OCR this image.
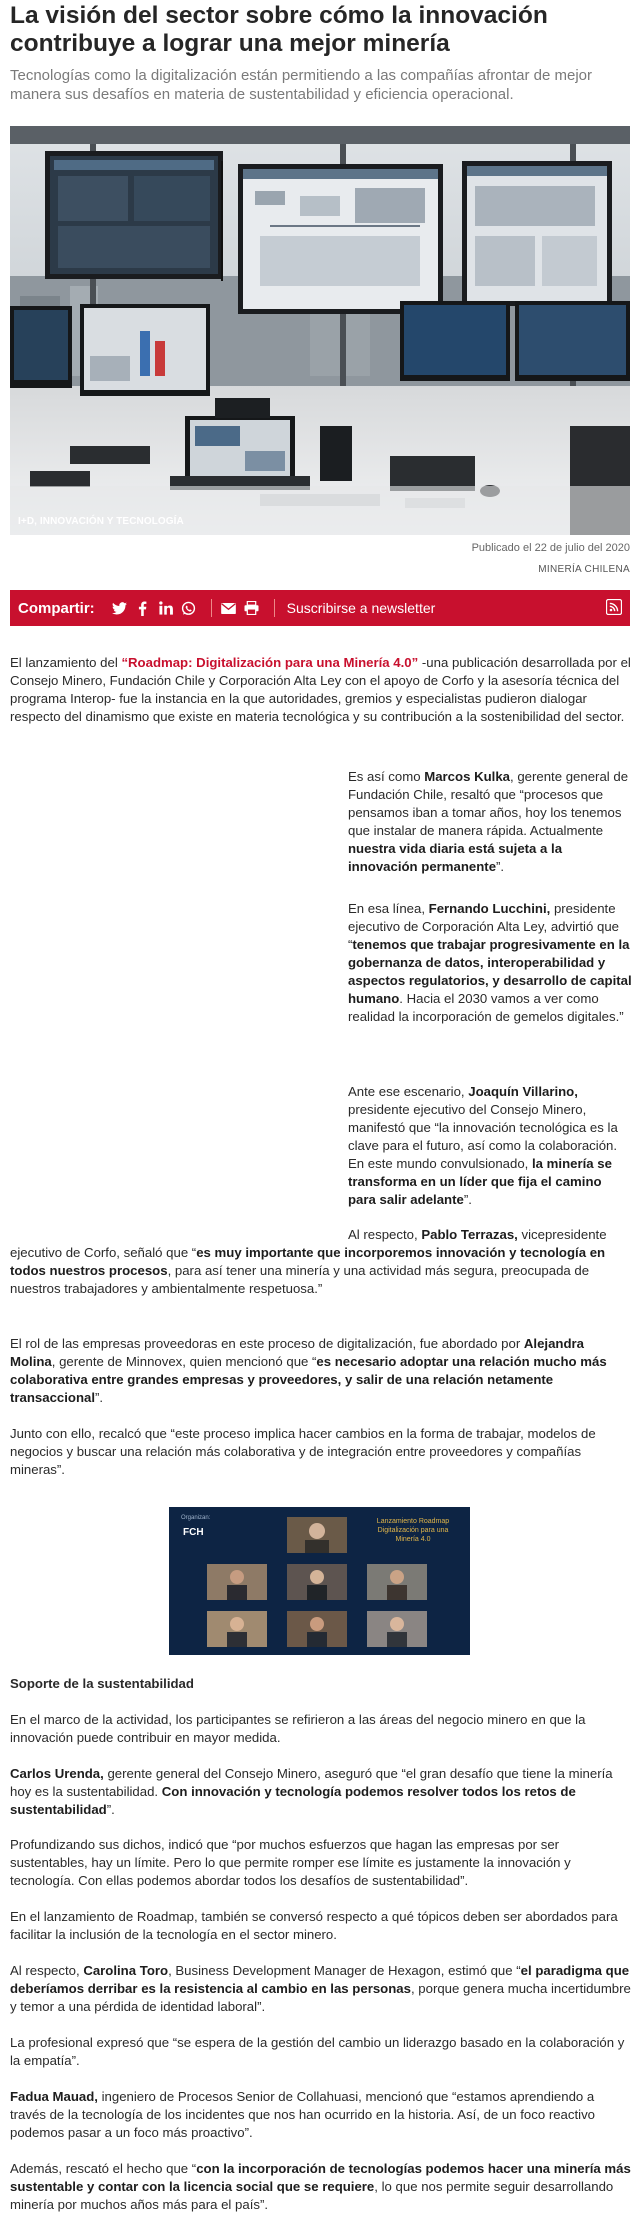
La visión del sector sobre cómo la innovación contribuye a lograr una mejor minería
Tecnologías como la digitalización están permitiendo a las compañías afrontar de mejor manera sus desafíos en materia de sustentabilidad y eficiencia operacional.
I+D, INNOVACIÓN Y TECNOLOGÍA
Publicado el 22 de julio del 2020
MINERÍA CHILENA
Compartir:	Suscribirse a newsletter

El lanzamiento del “Roadmap: Digitalización para una Minería 4.0” -una publicación desarrollada por el Consejo Minero, Fundación Chile y Corporación Alta Ley con el apoyo de Corfo y la asesoría técnica del programa Interop- fue la instancia en la que autoridades, gremios y especialistas pudieron dialogar respecto del dinamismo que existe en materia tecnológica y su contribución a la sostenibilidad del sector.

Es así como Marcos Kulka, gerente general de Fundación Chile, resaltó que “procesos que pensamos iban a tomar años, hoy los tenemos que instalar de manera rápida. Actualmente nuestra vida diaria está sujeta a la innovación permanente”.

En esa línea, Fernando Lucchini, presidente ejecutivo de Corporación Alta Ley, advirtió que “tenemos que trabajar progresivamente en la gobernanza de datos, interoperabilidad y aspectos regulatorios, y desarrollo de capital humano. Hacia el 2030 vamos a ver como realidad la incorporación de gemelos digitales.”

Ante ese escenario, Joaquín Villarino, presidente ejecutivo del Consejo Minero, manifestó que “la innovación tecnológica es la clave para el futuro, así como la colaboración. En este mundo convulsionado, la minería se transforma en un líder que fija el camino para salir adelante”.

Al respecto, Pablo Terrazas, vicepresidente ejecutivo de Corfo, señaló que “es muy importante que incorporemos innovación y tecnología en todos nuestros procesos, para así tener una minería y una actividad más segura, preocupada de nuestros trabajadores y ambientalmente respetuosa.”

El rol de las empresas proveedoras en este proceso de digitalización, fue abordado por Alejandra Molina, gerente de Minnovex, quien mencionó que “es necesario adoptar una relación mucho más colaborativa entre grandes empresas y proveedores, y salir de una relación netamente transaccional”.

Junto con ello, recalcó que “este proceso implica hacer cambios en la forma de trabajar, modelos de negocios y buscar una relación más colaborativa y de integración entre proveedores y compañías mineras”.

Organizan:
FCH
Lanzamiento Roadmap Digitalización para una Minería 4.0

Soporte de la sustentabilidad

En el marco de la actividad, los participantes se refirieron a las áreas del negocio minero en que la innovación puede contribuir en mayor medida.

Carlos Urenda, gerente general del Consejo Minero, aseguró que “el gran desafío que tiene la minería hoy es la sustentabilidad. Con innovación y tecnología podemos resolver todos los retos de sustentabilidad”.

Profundizando sus dichos, indicó que “por muchos esfuerzos que hagan las empresas por ser sustentables, hay un límite. Pero lo que permite romper ese límite es justamente la innovación y tecnología. Con ellas podemos abordar todos los desafíos de sustentabilidad”.

En el lanzamiento de Roadmap, también se conversó respecto a qué tópicos deben ser abordados para facilitar la inclusión de la tecnología en el sector minero.

Al respecto, Carolina Toro, Business Development Manager de Hexagon, estimó que “el paradigma que deberíamos derribar es la resistencia al cambio en las personas, porque genera mucha incertidumbre y temor a una pérdida de identidad laboral”.

La profesional expresó que “se espera de la gestión del cambio un liderazgo basado en la colaboración y la empatía”.

Fadua Mauad, ingeniero de Procesos Senior de Collahuasi, mencionó que “estamos aprendiendo a través de la tecnología de los incidentes que nos han ocurrido en la historia. Así, de un foco reactivo podemos pasar a un foco más proactivo”.

Además, rescató el hecho que “con la incorporación de tecnologías podemos hacer una minería más sustentable y contar con la licencia social que se requiere, lo que nos permite seguir desarrollando minería por muchos años más para el país”.
